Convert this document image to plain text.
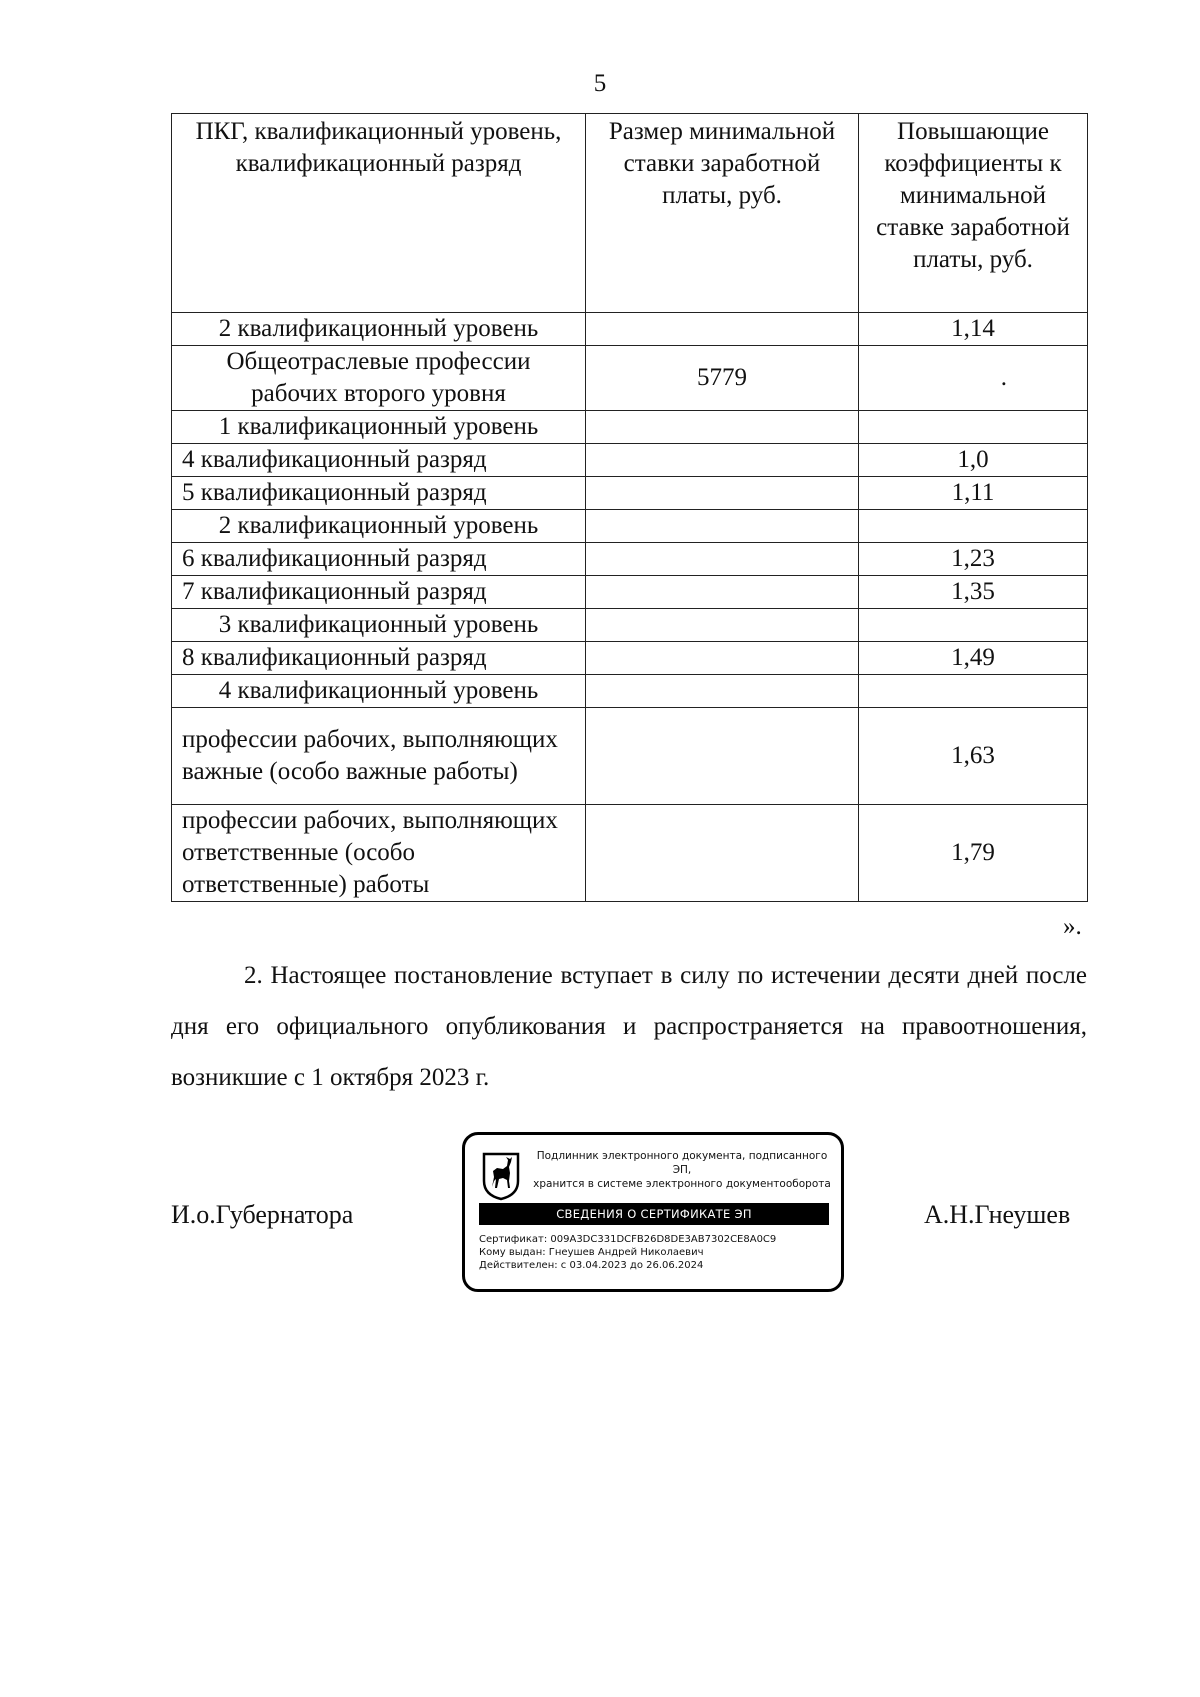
5
ПКГ, квалификационный уровень, квалификационный разряд	Размер минимальной ставки заработной платы, руб.	Повышающие коэффициенты к минимальной ставке заработной платы, руб.
2 квалификационный уровень		1,14
Общеотраслевые профессии рабочих второго уровня	5779	.
1 квалификационный уровень		
4 квалификационный разряд		1,0
5 квалификационный разряд		1,11
2 квалификационный уровень		
6 квалификационный разряд		1,23
7 квалификационный разряд		1,35
3 квалификационный уровень		
8 квалификационный разряд		1,49
4 квалификационный уровень		
профессии рабочих, выполняющих важные (особо важные работы)		1,63
профессии рабочих, выполняющих ответственные (особо ответственные) работы		1,79
».

2. Настоящее постановление вступает в силу по истечении десяти дней после дня его официального опубликования и распространяется на правоотношения, возникшие с 1 октября 2023 г.

И.о.Губернатора
Подлинник электронного документа, подписанного ЭП,
хранится в системе электронного документооборота
СВЕДЕНИЯ О СЕРТИФИКАТЕ ЭП
Сертификат: 009A3DC331DCFB26D8DE3AB7302CE8A0C9
Кому выдан: Гнеушев Андрей Николаевич
Действителен: с 03.04.2023 до 26.06.2024
А.Н.Гнеушев
